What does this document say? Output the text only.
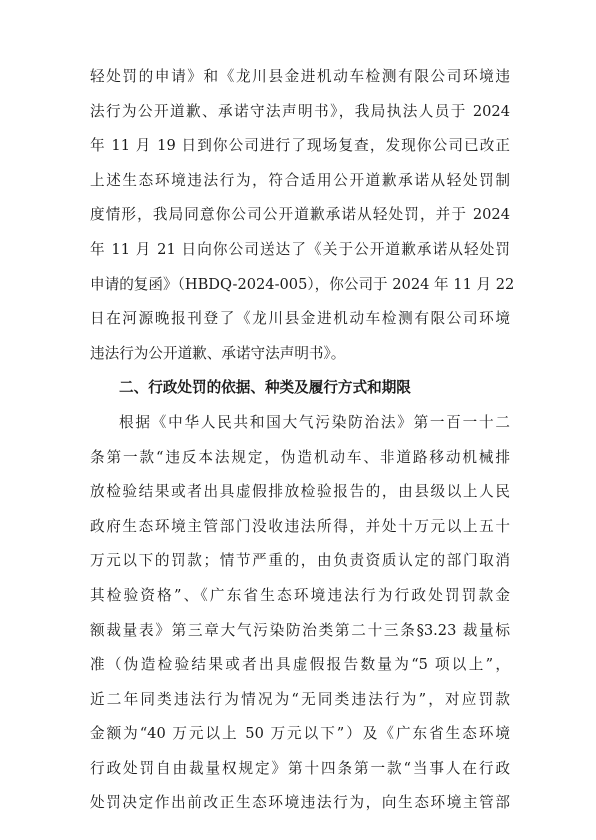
轻处罚的申请》和《龙川县金进机动车检测有限公司环境违
法行为公开道歉、承诺守法声明书》，我局执法人员于 2024
年 11 月 19 日到你公司进行了现场复查，发现你公司已改正
上述生态环境违法行为，符合适用公开道歉承诺从轻处罚制
度情形，我局同意你公司公开道歉承诺从轻处罚，并于 2024
年 11 月 21 日向你公司送达了《关于公开道歉承诺从轻处罚
申请的复函》（HBDQ-2024-005），你公司于 2024 年 11 月 22
日在河源晚报刊登了《龙川县金进机动车检测有限公司环境
违法行为公开道歉、承诺守法声明书》。
二、行政处罚的依据、种类及履行方式和期限
根据《中华人民共和国大气污染防治法》第一百一十二
条第一款“违反本法规定，伪造机动车、非道路移动机械排
放检验结果或者出具虚假排放检验报告的，由县级以上人民
政府生态环境主管部门没收违法所得，并处十万元以上五十
万元以下的罚款；情节严重的，由负责资质认定的部门取消
其检验资格”、《广东省生态环境违法行为行政处罚罚款金
额裁量表》第三章大气污染防治类第二十三条§3.23 裁量标
准（伪造检验结果或者出具虚假报告数量为“5 项以上”，
近二年同类违法行为情况为“无同类违法行为”，对应罚款
金额为“40 万元以上 50 万元以下”）及《广东省生态环境
行政处罚自由裁量权规定》第十四条第一款“当事人在行政
处罚决定作出前改正生态环境违法行为，向生态环境主管部
